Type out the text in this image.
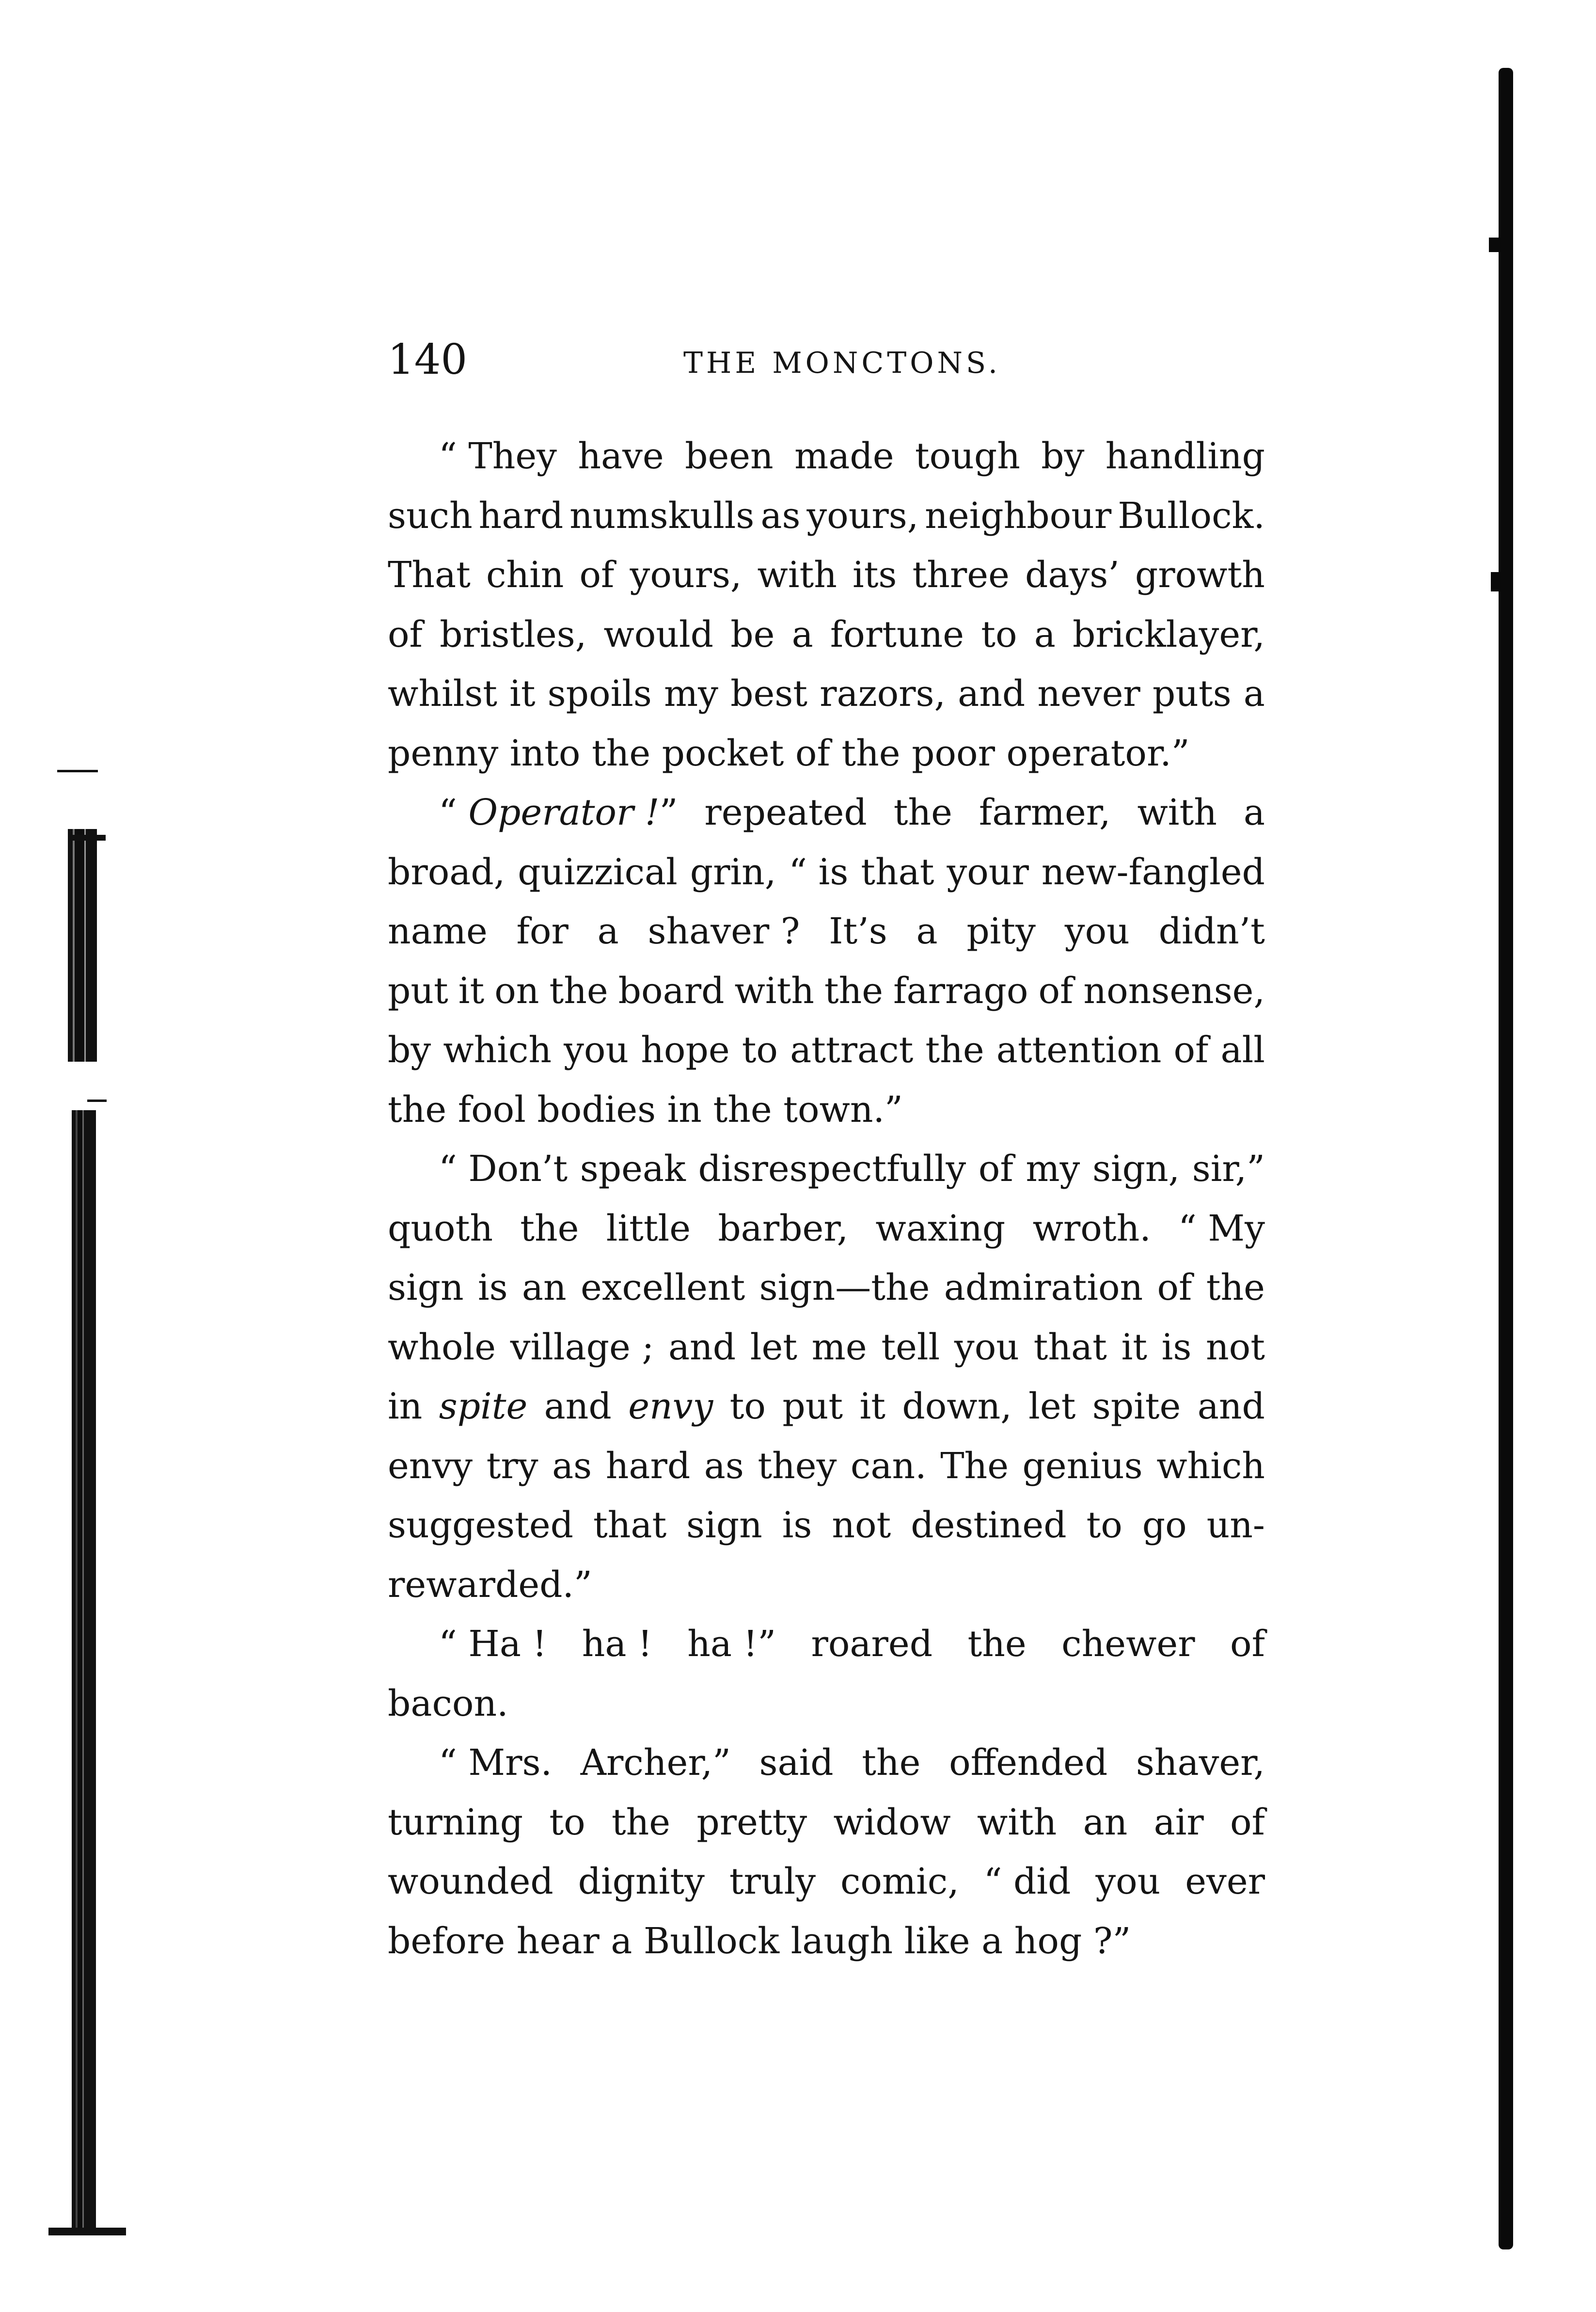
140	THE MONCTONS.
“ They have been made tough by handling
such hard numskulls as yours, neighbour Bullock.
That chin of yours, with its three days’ growth
of bristles, would be a fortune to a bricklayer,
whilst it spoils my best razors, and never puts a
penny into the pocket of the poor operator.”
“ Operator !” repeated the farmer, with a
broad, quizzical grin, “ is that your new-fangled
name for a shaver ? It’s a pity you didn’t
put it on the board with the farrago of nonsense,
by which you hope to attract the attention of all
the fool bodies in the town.”
“ Don’t speak disrespectfully of my sign, sir,”
quoth the little barber, waxing wroth. “ My
sign is an excellent sign—the admiration of the
whole village ; and let me tell you that it is not
in spite and envy to put it down, let spite and
envy try as hard as they can. The genius which
suggested that sign is not destined to go un-
rewarded.”
“ Ha ! ha ! ha !” roared the chewer of
bacon.
“ Mrs. Archer,” said the offended shaver,
turning to the pretty widow with an air of
wounded dignity truly comic, “ did you ever
before hear a Bullock laugh like a hog ?”
